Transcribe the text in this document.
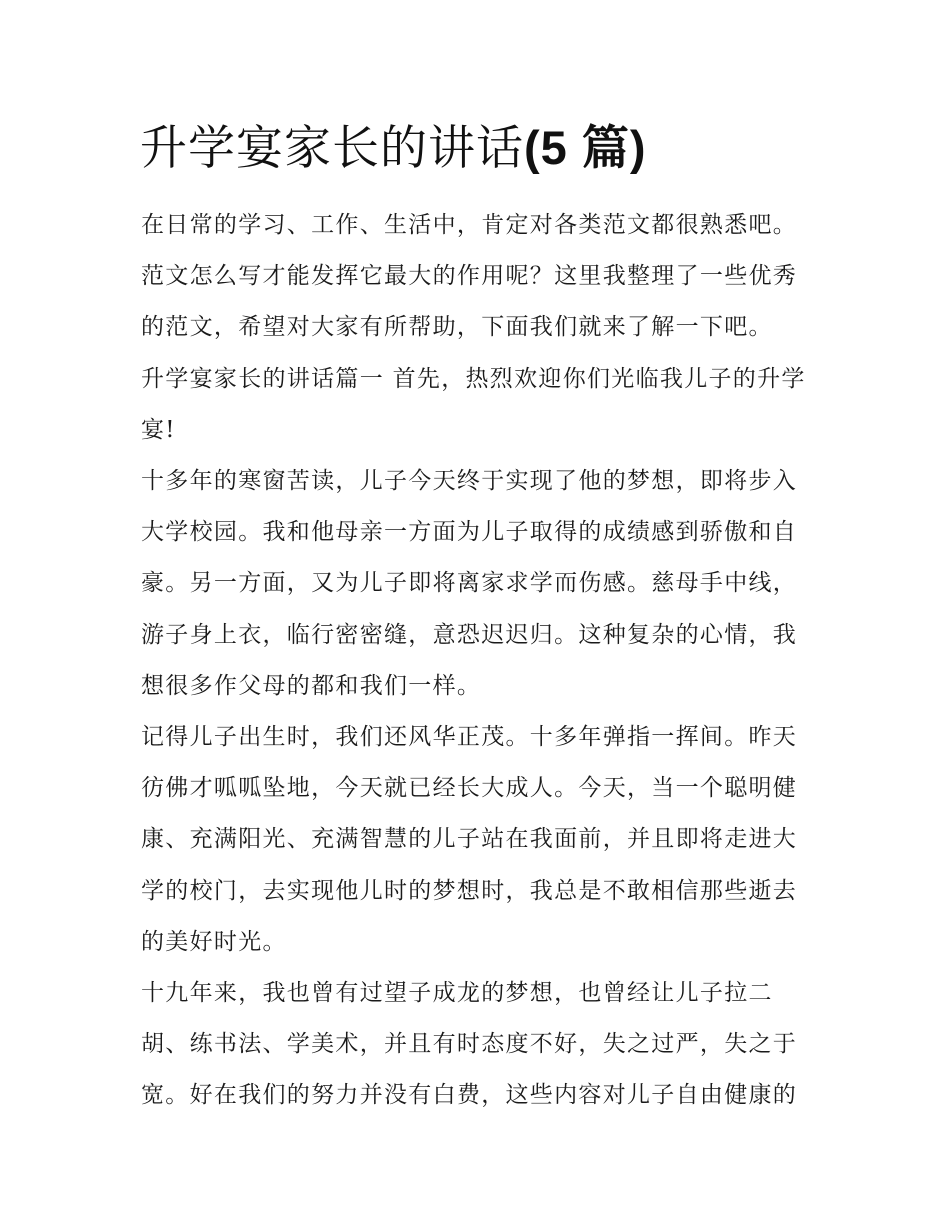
升学宴家长的讲话(5 篇)

在日常的学习、工作、生活中，肯定对各类范文都很熟悉吧。范文怎么写才能发挥它最大的作用呢？这里我整理了一些优秀的范文，希望对大家有所帮助，下面我们就来了解一下吧。

升学宴家长的讲话篇一 首先，热烈欢迎你们光临我儿子的升学宴!

十多年的寒窗苦读，儿子今天终于实现了他的梦想，即将步入大学校园。我和他母亲一方面为儿子取得的成绩感到骄傲和自豪。另一方面，又为儿子即将离家求学而伤感。慈母手中线，游子身上衣，临行密密缝，意恐迟迟归。这种复杂的心情，我想很多作父母的都和我们一样。

记得儿子出生时，我们还风华正茂。十多年弹指一挥间。昨天彷佛才呱呱坠地，今天就已经长大成人。今天，当一个聪明健康、充满阳光、充满智慧的儿子站在我面前，并且即将走进大学的校门，去实现他儿时的梦想时，我总是不敢相信那些逝去的美好时光。

十九年来，我也曾有过望子成龙的梦想，也曾经让儿子拉二胡、练书法、学美术，并且有时态度不好，失之过严，失之于宽。好在我们的努力并没有白费，这些内容对儿子自由健康的
